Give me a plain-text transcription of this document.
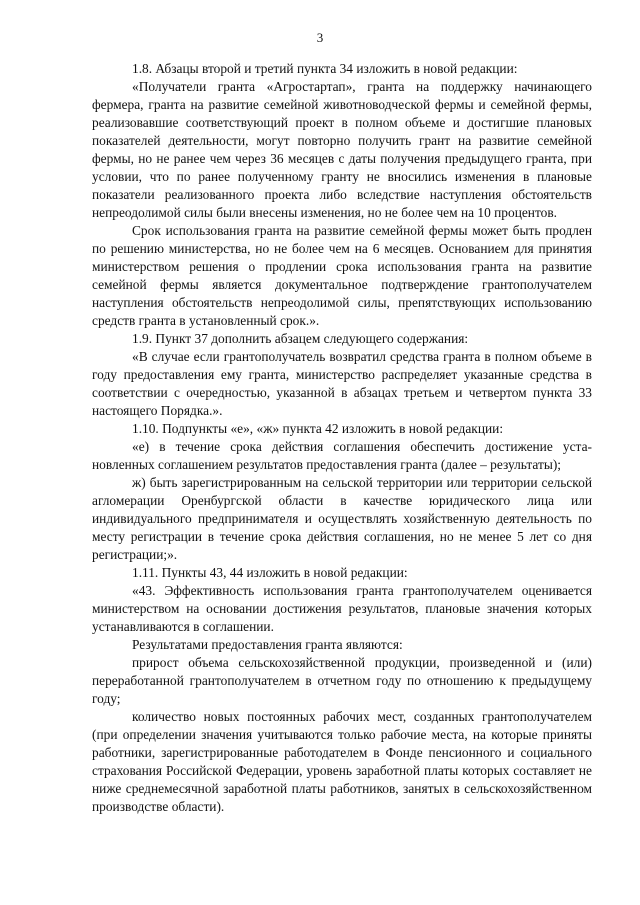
3

1.8. Абзацы второй и третий пункта 34 изложить в новой редакции:

«Получатели гранта «Агростартап», гранта на поддержку начинающего фермера, гранта на развитие семейной животноводческой фермы и семейной фермы, реализовавшие соответствующий проект в полном объеме и достигшие плановых показателей деятельности, могут повторно получить грант на развитие семейной фермы, но не ранее чем через 36 месяцев с даты получения предыдущего гранта, при условии, что по ранее полученному гранту не вносились изменения в плановые показатели реализованного проекта либо вследствие наступления обстоятельств непреодолимой силы были внесены изменения, но не более чем на 10 процентов.

Срок использования гранта на развитие семейной фермы может быть продлен по решению министерства, но не более чем на 6 месяцев. Основанием для принятия министерством решения о продлении срока использования гранта на развитие семейной фермы является документальное подтверждение грантополучателем наступления обстоятельств непреодолимой силы, препятствующих использованию средств гранта в установленный срок.».

1.9. Пункт 37 дополнить абзацем следующего содержания:

«В случае если грантополучатель возвратил средства гранта в полном объеме в году предоставления ему гранта, министерство распределяет указанные средства в соответствии с очередностью, указанной в абзацах третьем и четвертом пункта 33 настоящего Порядка.».

1.10. Подпункты «е», «ж» пункта 42 изложить в новой редакции:

«е) в течение срока действия соглашения обеспечить достижение установленных соглашением результатов предоставления гранта (далее – результаты);

ж) быть зарегистрированным на сельской территории или территории сельской агломерации Оренбургской области в качестве юридического лица или индивидуального предпринимателя и осуществлять хозяйственную деятельность по месту регистрации в течение срока действия соглашения, но не менее 5 лет со дня регистрации;».

1.11. Пункты 43, 44 изложить в новой редакции:

«43. Эффективность использования гранта грантополучателем оценивается министерством на основании достижения результатов, плановые значения которых устанавливаются в соглашении.

Результатами предоставления гранта являются:

прирост объема сельскохозяйственной продукции, произведенной и (или) переработанной грантополучателем в отчетном году по отношению к предыдущему году;

количество новых постоянных рабочих мест, созданных грантополучателем (при определении значения учитываются только рабочие места, на которые приняты работники, зарегистрированные работодателем в Фонде пенсионного и социального страхования Российской Федерации, уровень заработной платы которых составляет не ниже среднемесячной заработной платы работников, занятых в сельскохозяйственном производстве области).
